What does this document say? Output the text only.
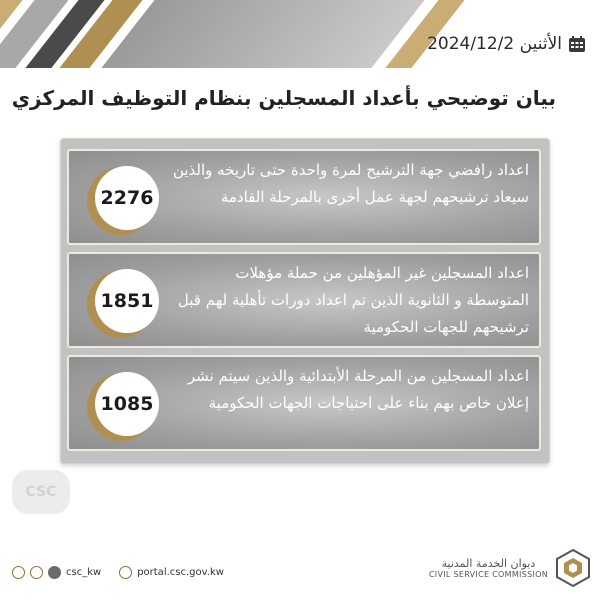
الأثنين 2024/12/2
بيان توضيحي بأعداد المسجلين بنظام التوظيف المركزي
2276
اعداد رافضي جهة الترشيح لمرة واحدة حتى تاريخه والذين سيعاد ترشيحهم لجهة عمل أخرى بالمرحلة القادمة
1851
اعداد المسجلين غير المؤهلين من حملة مؤهلات المتوسطة و الثانوية الذين تم اعداد دورات تأهلية لهم قبل ترشيحهم للجهات الحكومية
1085
اعداد المسجلين من المرحلة الأبتدائية والذين سيتم نشر إعلان خاص بهم بناء على احتياجات الجهات الحكومية
CSC
csc_kw	portal.csc.gov.kw
ديوان الخدمة المدنية
CIVIL SERVICE COMMISSION
